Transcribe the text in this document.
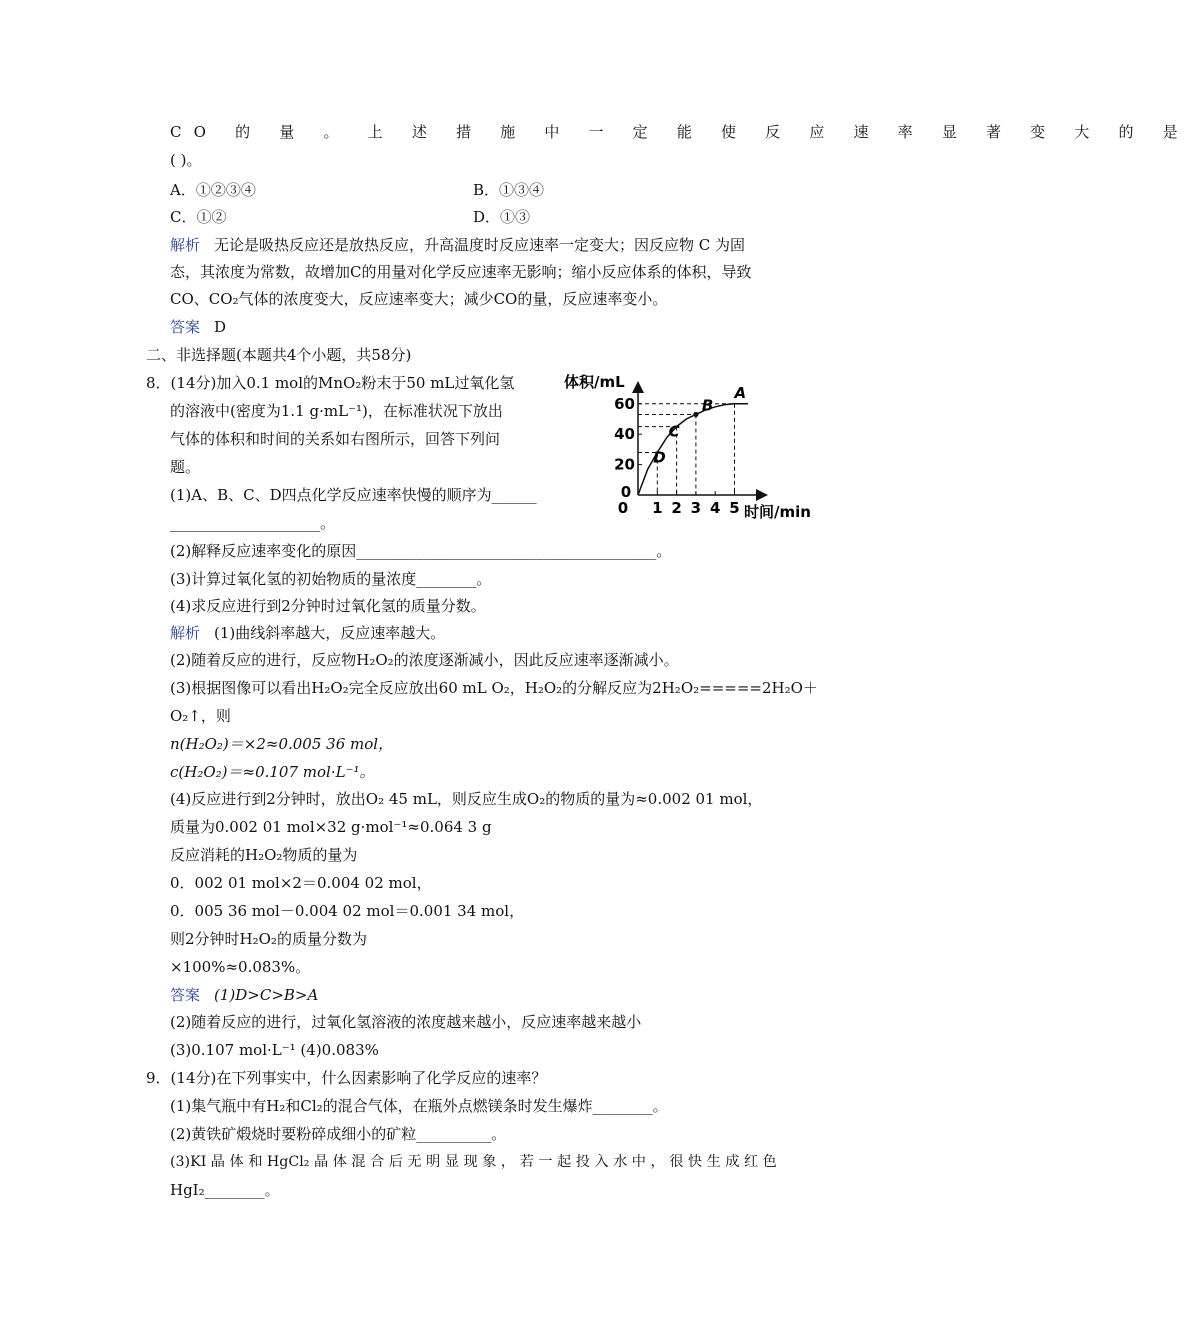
CO 的 量 。 上 述 措 施 中 一 定 能 使 反 应 速 率 显 著 变 大 的 是
( )。
A．①②③④	B．①③④
C．①②	D．①③
解析 无论是吸热反应还是放热反应，升高温度时反应速率一定变大；因反应物 C 为固
态，其浓度为常数，故增加C的用量对化学反应速率无影响；缩小反应体系的体积，导致
CO、CO₂气体的浓度变大，反应速率变大；减少CO的量，反应速率变小。
答案 D
二、非选择题(本题共4个小题，共58分)
8．(14分)加入0.1 mol的MnO₂粉末于50 mL过氧化氢
的溶液中(密度为1.1 g·mL⁻¹)，在标准状况下放出
气体的体积和时间的关系如右图所示，回答下列问
题。
(1)A、B、C、D四点化学反应速率快慢的顺序为______
____________________。
(2)解释反应速率变化的原因________________________________________。
(3)计算过氧化氢的初始物质的量浓度________。
(4)求反应进行到2分钟时过氧化氢的质量分数。
解析 (1)曲线斜率越大，反应速率越大。
(2)随着反应的进行，反应物H₂O₂的浓度逐渐减小，因此反应速率逐渐减小。
(3)根据图像可以看出H₂O₂完全反应放出60 mL O₂，H₂O₂的分解反应为2H₂O₂=====2H₂O＋
O₂↑，则
n(H₂O₂)＝×2≈0.005 36 mol，
c(H₂O₂)＝≈0.107 mol·L⁻¹。
(4)反应进行到2分钟时，放出O₂ 45 mL，则反应生成O₂的物质的量为≈0.002 01 mol，
质量为0.002 01 mol×32 g·mol⁻¹≈0.064 3 g
反应消耗的H₂O₂物质的量为
0．002 01 mol×2＝0.004 02 mol，
0．005 36 mol－0.004 02 mol＝0.001 34 mol，
则2分钟时H₂O₂的质量分数为
×100%≈0.083%。
答案 (1)D>C>B>A
(2)随着反应的进行，过氧化氢溶液的浓度越来越小，反应速率越来越小
(3)0.107 mol·L⁻¹ (4)0.083%
9．(14分)在下列事实中，什么因素影响了化学反应的速率？
(1)集气瓶中有H₂和Cl₂的混合气体，在瓶外点燃镁条时发生爆炸________。
(2)黄铁矿煅烧时要粉碎成细小的矿粒__________。
(3)KI 晶 体 和 HgCl₂ 晶 体 混 合 后 无 明 显 现 象 ， 若 一 起 投 入 水 中 ， 很 快 生 成 红 色
HgI₂________。
0 1 2 3 4 5
20
40
60
0
D
C
B
A
体积/mL
时间/min
